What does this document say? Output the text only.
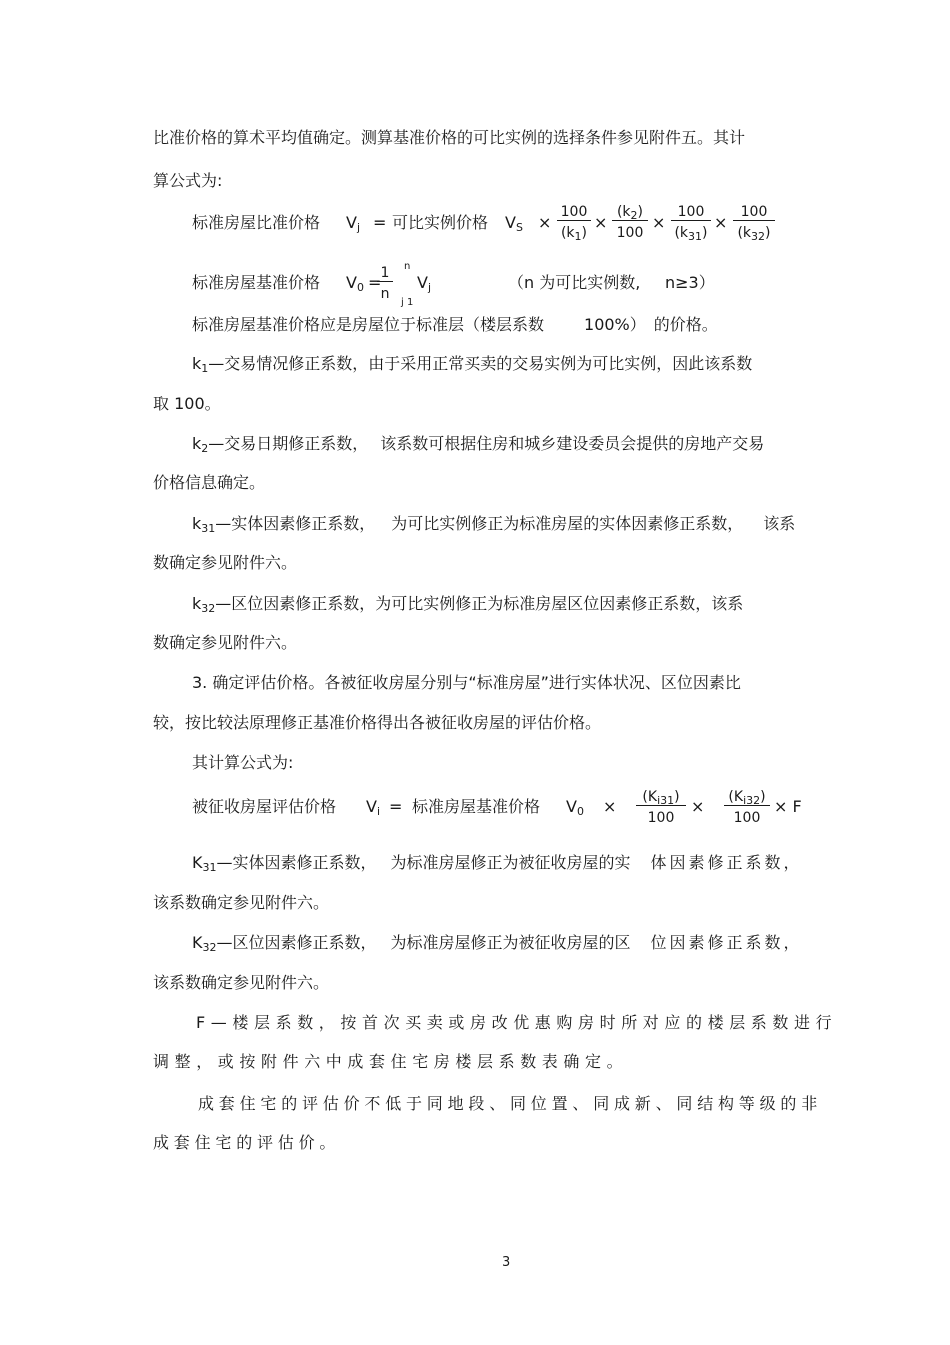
比准价格的算术平均值确定。测算基准价格的可比实例的选择条件参见附件五。其计
算公式为:
标准房屋比准价格 $V_j$ = 可比实例价格 $V_S$ ×
100
$(k_1)$
×
$(k_2)$
100
×
100
$(k_{31})$
×
100
$(k_{32})$
标准房屋基准价格 $V_0 = 1$
n
n
j 1
$V_j$	（n 为可比实例数, n≥3）
标准房屋基准价格应是房屋位于标准层（楼层系数	100%） 的价格。
$k_1—$交易情况修正系数，由于采用正常买卖的交易实例为可比实例，因此该系数
取 100。
$k_2—$交易日期修正系数， 该系数可根据住房和城乡建设委员会提供的房地产交易
价格信息确定。
$k_{31}—$实体因素修正系数， 为可比实例修正为标准房屋的实体因素修正系数， 该系
数确定参见附件六。
$k_{32}—$区位因素修正系数，为可比实例修正为标准房屋区位因素修正系数，该系
数确定参见附件六。
3. 确定评估价格。各被征收房屋分别与“标准房屋”进行实体状况、区位因素比
较，按比较法原理修正基准价格得出各被征收房屋的评估价格。
其计算公式为:
被征收房屋评估价格 $V_i$ = 标准房屋基准价格 $V_0$ ×	$(K_{i31})$
100
×	$(K_{i32})$
100
× F
$K_{31}—$实体因素修正系数， 为标准房屋修正为被征收房屋的实 体因素修正系数，
该系数确定参见附件六。
$K_{32}—$区位因素修正系数， 为标准房屋修正为被征收房屋的区 位因素修正系数，
该系数确定参见附件六。
F—楼层系数，按首次买卖或房改优惠购房时所对应的楼层系数进行
调整，或按附件六中成套住宅房楼层系数表确定。
成套住宅的评估价不低于同地段、同位置、同成新、同结构等级的非
成套住宅的评估价。
3
